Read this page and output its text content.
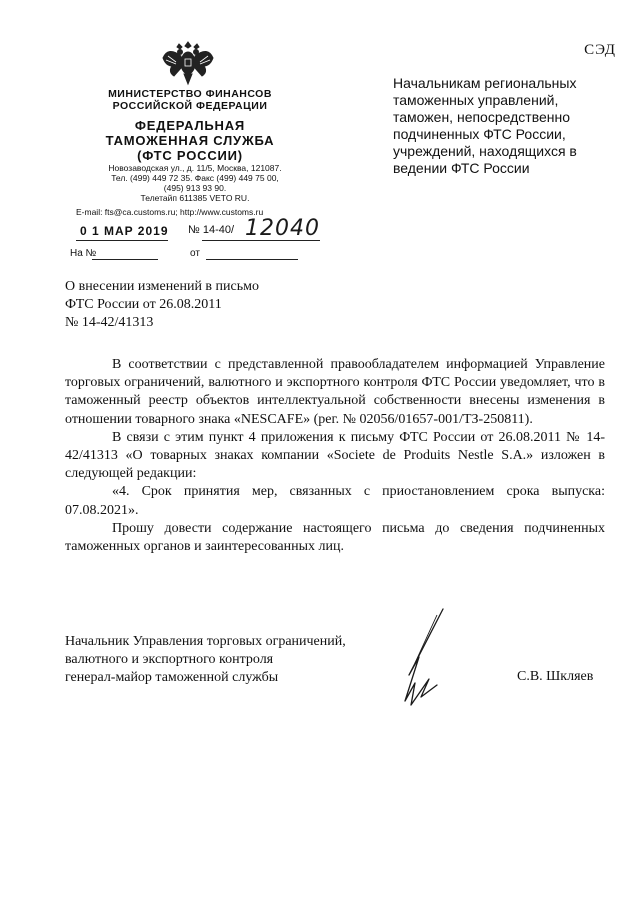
СЭД
МИНИСТЕРСТВО ФИНАНСОВ
РОССИЙСКОЙ ФЕДЕРАЦИИ
ФЕДЕРАЛЬНАЯ
ТАМОЖЕННАЯ СЛУЖБА
(ФТС РОССИИ)
Новозаводская ул., д. 11/5, Москва, 121087.
Тел. (499) 449 72 35. Факс (499) 449 75 00,
(495) 913 93 90.
Телетайп 611385 VETO RU.
E-mail: fts@ca.customs.ru; http://www.customs.ru
0 1 MAP 2019 № 14-40/ 12040
На №	от
Начальникам региональных
таможенных управлений,
таможен, непосредственно
подчиненных ФТС России,
учреждений, находящихся в
ведении ФТС России
О внесении изменений в письмо
ФТС России от 26.08.2011
№ 14-42/41313

В соответствии с представленной правообладателем информацией Управление торговых ограничений, валютного и экспортного контроля ФТС России уведомляет, что в таможенный реестр объектов интеллектуальной собственности внесены изменения в отношении товарного знака «NESCAFE» (рег. № 02056/01657-001/ТЗ-250811).

В связи с этим пункт 4 приложения к письму ФТС России от 26.08.2011 № 14-42/41313 «О товарных знаках компании «Societe de Produits Nestle S.A.» изложен в следующей редакции:

«4. Срок принятия мер, связанных с приостановлением срока выпуска: 07.08.2021».

Прошу довести содержание настоящего письма до сведения подчиненных таможенных органов и заинтересованных лиц.

Начальник Управления торговых ограничений,
валютного и экспортного контроля
генерал-майор таможенной службы	С.В. Шкляев
